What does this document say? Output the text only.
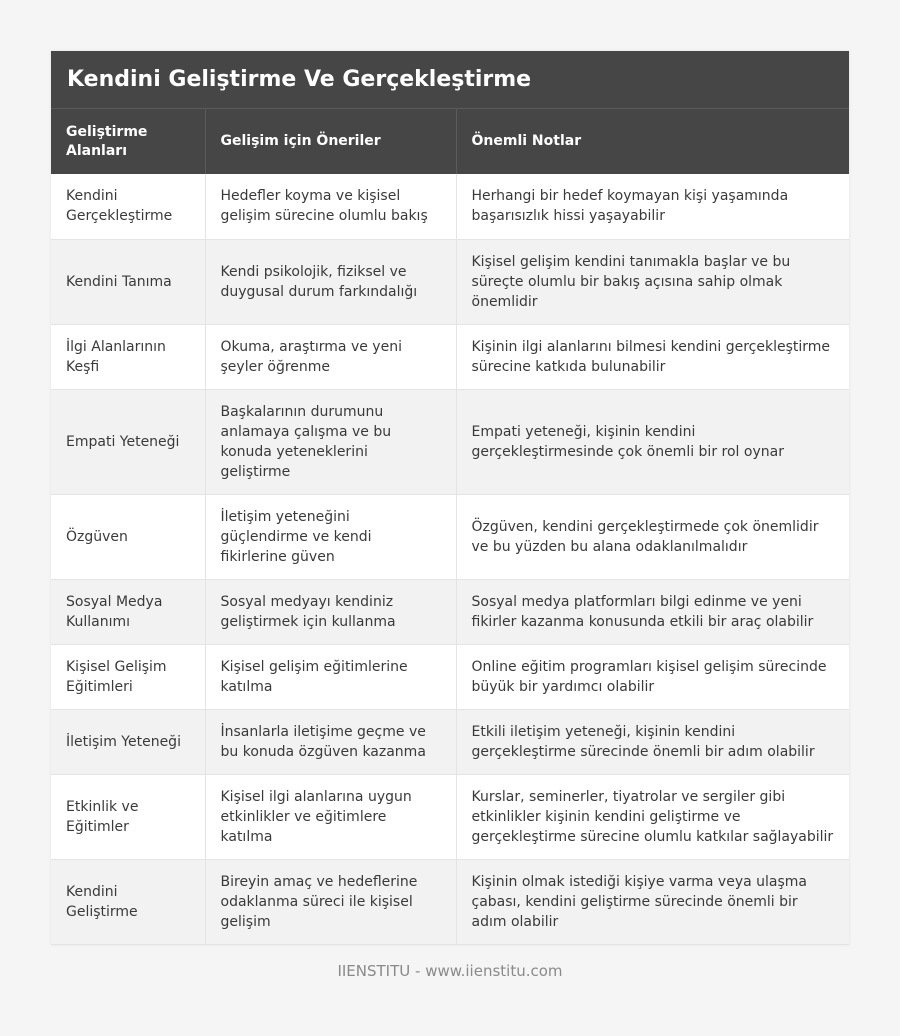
Kendini Geliştirme Ve Gerçekleştirme
Geliştirme Alanları	Gelişim için Öneriler	Önemli Notlar
Kendini Gerçekleştirme	Hedefler koyma ve kişisel gelişim sürecine olumlu bakış	Herhangi bir hedef koymayan kişi yaşamında başarısızlık hissi yaşayabilir
Kendini Tanıma	Kendi psikolojik, fiziksel ve duygusal durum farkındalığı	Kişisel gelişim kendini tanımakla başlar ve bu süreçte olumlu bir bakış açısına sahip olmak önemlidir
İlgi Alanlarının Keşfi	Okuma, araştırma ve yeni şeyler öğrenme	Kişinin ilgi alanlarını bilmesi kendini gerçekleştirme sürecine katkıda bulunabilir
Empati Yeteneği	Başkalarının durumunu anlamaya çalışma ve bu konuda yeteneklerini geliştirme	Empati yeteneği, kişinin kendini gerçekleştirmesinde çok önemli bir rol oynar
Özgüven	İletişim yeteneğini güçlendirme ve kendi fikirlerine güven	Özgüven, kendini gerçekleştirmede çok önemlidir ve bu yüzden bu alana odaklanılmalıdır
Sosyal Medya Kullanımı	Sosyal medyayı kendiniz geliştirmek için kullanma	Sosyal medya platformları bilgi edinme ve yeni fikirler kazanma konusunda etkili bir araç olabilir
Kişisel Gelişim Eğitimleri	Kişisel gelişim eğitimlerine katılma	Online eğitim programları kişisel gelişim sürecinde büyük bir yardımcı olabilir
İletişim Yeteneği	İnsanlarla iletişime geçme ve bu konuda özgüven kazanma	Etkili iletişim yeteneği, kişinin kendini gerçekleştirme sürecinde önemli bir adım olabilir
Etkinlik ve Eğitimler	Kişisel ilgi alanlarına uygun etkinlikler ve eğitimlere katılma	Kurslar, seminerler, tiyatrolar ve sergiler gibi etkinlikler kişinin kendini geliştirme ve gerçekleştirme sürecine olumlu katkılar sağlayabilir
Kendini Geliştirme	Bireyin amaç ve hedeflerine odaklanma süreci ile kişisel gelişim	Kişinin olmak istediği kişiye varma veya ulaşma çabası, kendini geliştirme sürecinde önemli bir adım olabilir
IIENSTITU - www.iienstitu.com
